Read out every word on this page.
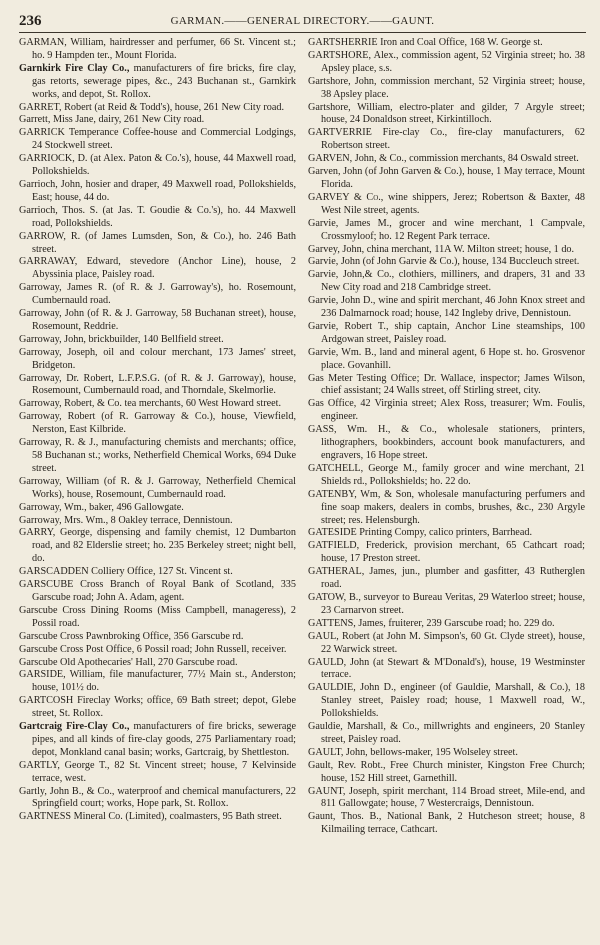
236	GARMAN.——GENERAL DIRECTORY.——GAUNT.

GARMAN, William, hairdresser and perfumer, 66 St. Vincent st.; ho. 9 Hampden ter., Mount Florida.

Garnkirk Fire Clay Co., manufacturers of fire bricks, fire clay, gas retorts, sewerage pipes, &c., 243 Buchanan st., Garnkirk works, and depot, St. Rollox.

GARRET, Robert (at Reid & Todd's), house, 261 New City road.

Garrett, Miss Jane, dairy, 261 New City road.

GARRICK Temperance Coffee-house and Commercial Lodgings, 24 Stockwell street.

GARRIOCK, D. (at Alex. Paton & Co.'s), house, 44 Maxwell road, Pollokshields.

Garrioch, John, hosier and draper, 49 Maxwell road, Pollokshields, East; house, 44 do.

Garrioch, Thos. S. (at Jas. T. Goudie & Co.'s), ho. 44 Maxwell road, Pollokshields.

GARROW, R. (of James Lumsden, Son, & Co.), ho. 246 Bath street.

GARRAWAY, Edward, stevedore (Anchor Line), house, 2 Abyssinia place, Paisley road.

Garroway, James R. (of R. & J. Garroway's), ho. Rosemount, Cumbernauld road.

Garroway, John (of R. & J. Garroway, 58 Buchanan street), house, Rosemount, Reddrie.

Garroway, John, brickbuilder, 140 Bellfield street.

Garroway, Joseph, oil and colour merchant, 173 James' street, Bridgeton.

Garroway, Dr. Robert, L.F.P.S.G. (of R. & J. Garroway), house, Rosemount, Cumbernauld road, and Thorndale, Skelmorlie.

Garroway, Robert, & Co. tea merchants, 60 West Howard street.

Garroway, Robert (of R. Garroway & Co.), house, Viewfield, Nerston, East Kilbride.

Garroway, R. & J., manufacturing chemists and merchants; office, 58 Buchanan st.; works, Netherfield Chemical Works, 694 Duke street.

Garroway, William (of R. & J. Garroway, Netherfield Chemical Works), house, Rosemount, Cumbernauld road.

Garroway, Wm., baker, 496 Gallowgate.

Garroway, Mrs. Wm., 8 Oakley terrace, Dennistoun.

GARRY, George, dispensing and family chemist, 12 Dumbarton road, and 82 Elderslie street; ho. 235 Berkeley street; night bell, do.

GARSCADDEN Colliery Office, 127 St. Vincent st.

GARSCUBE Cross Branch of Royal Bank of Scotland, 335 Garscube road; John A. Adam, agent.

Garscube Cross Dining Rooms (Miss Campbell, manageress), 2 Possil road.

Garscube Cross Pawnbroking Office, 356 Garscube rd.

Garscube Cross Post Office, 6 Possil road; John Russell, receiver.

Garscube Old Apothecaries' Hall, 270 Garscube road.

GARSIDE, William, file manufacturer, 77½ Main st., Anderston; house, 101½ do.

GARTCOSH Fireclay Works; office, 69 Bath street; depot, Glebe street, St. Rollox.

Gartcraig Fire-Clay Co., manufacturers of fire bricks, sewerage pipes, and all kinds of fire-clay goods, 275 Parliamentary road; depot, Monkland canal basin; works, Gartcraig, by Shettleston.

GARTLY, George T., 82 St. Vincent street; house, 7 Kelvinside terrace, west.

Gartly, John B., & Co., waterproof and chemical manufacturers, 22 Springfield court; works, Hope park, St. Rollox.

GARTNESS Mineral Co. (Limited), coalmasters, 95 Bath street.

GARTSHERRIE Iron and Coal Office, 168 W. George st.

GARTSHORE, Alex., commission agent, 52 Virginia street; ho. 38 Apsley place, s.s.

Gartshore, John, commission merchant, 52 Virginia street; house, 38 Apsley place.

Gartshore, William, electro-plater and gilder, 7 Argyle street; house, 24 Donaldson street, Kirkintilloch.

GARTVERRIE Fire-clay Co., fire-clay manufacturers, 62 Robertson street.

GARVEN, John, & Co., commission merchants, 84 Oswald street.

Garven, John (of John Garven & Co.), house, 1 May terrace, Mount Florida.

GARVEY & Co., wine shippers, Jerez; Robertson & Baxter, 48 West Nile street, agents.

Garvie, James M., grocer and wine merchant, 1 Campvale, Crossmyloof; ho. 12 Regent Park terrace.

Garvey, John, china merchant, 11A W. Milton street; house, 1 do.

Garvie, John (of John Garvie & Co.), house, 134 Buccleuch street.

Garvie, John,& Co., clothiers, milliners, and drapers, 31 and 33 New City road and 218 Cambridge street.

Garvie, John D., wine and spirit merchant, 46 John Knox street and 236 Dalmarnock road; house, 142 Ingleby drive, Dennistoun.

Garvie, Robert T., ship captain, Anchor Line steamships, 100 Ardgowan street, Paisley road.

Garvie, Wm. B., land and mineral agent, 6 Hope st. ho. Grosvenor place. Govanhill.

Gas Meter Testing Office; Dr. Wallace, inspector; James Wilson, chief assistant; 24 Walls street, off Stirling street, city.

Gas Office, 42 Virginia street; Alex Ross, treasurer; Wm. Foulis, engineer.

GASS, Wm. H., & Co., wholesale stationers, printers, lithographers, bookbinders, account book manufacturers, and engravers, 16 Hope street.

GATCHELL, George M., family grocer and wine merchant, 21 Shields rd., Pollokshields; ho. 22 do.

GATENBY, Wm, & Son, wholesale manufacturing perfumers and fine soap makers, dealers in combs, brushes, &c., 230 Argyle street; res. Helensburgh.

GATESIDE Printing Compy, calico printers, Barrhead.

GATFIELD, Frederick, provision merchant, 65 Cathcart road; house, 17 Preston street.

GATHERAL, James, jun., plumber and gasfitter, 43 Rutherglen road.

GATOW, B., surveyor to Bureau Veritas, 29 Waterloo street; house, 23 Carnarvon street.

GATTENS, James, fruiterer, 239 Garscube road; ho. 229 do.

GAUL, Robert (at John M. Simpson's, 60 Gt. Clyde street), house, 22 Warwick street.

GAULD, John (at Stewart & M'Donald's), house, 19 Westminster terrace.

GAULDIE, John D., engineer (of Gauldie, Marshall, & Co.), 18 Stanley street, Paisley road; house, 1 Maxwell road, W., Pollokshields.

Gauldie, Marshall, & Co., millwrights and engineers, 20 Stanley street, Paisley road.

GAULT, John, bellows-maker, 195 Wolseley street.

Gault, Rev. Robt., Free Church minister, Kingston Free Church; house, 152 Hill street, Garnethill.

GAUNT, Joseph, spirit merchant, 114 Broad street, Mile-end, and 811 Gallowgate; house, 7 Westercraigs, Dennistoun.

Gaunt, Thos. B., National Bank, 2 Hutcheson street; house, 8 Kilmailing terrace, Cathcart.
